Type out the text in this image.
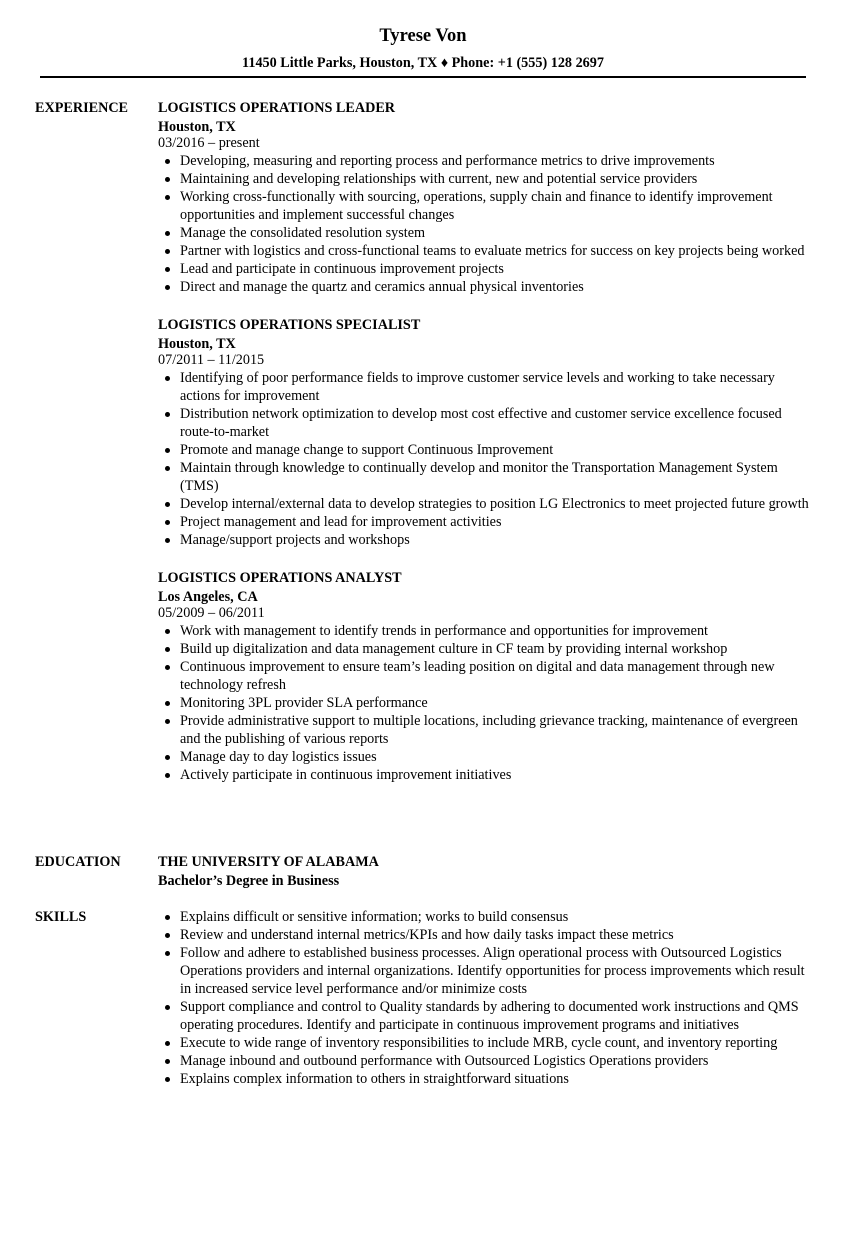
Tyrese Von
11450 Little Parks, Houston, TX ♦ Phone: +1 (555) 128 2697
EXPERIENCE	LOGISTICS OPERATIONS LEADER
Houston, TX
03/2016 – present
Developing, measuring and reporting process and performance metrics to drive improvements
Maintaining and developing relationships with current, new and potential service providers
Working cross-functionally with sourcing, operations, supply chain and finance to identify improvement opportunities and implement successful changes
Manage the consolidated resolution system
Partner with logistics and cross-functional teams to evaluate metrics for success on key projects being worked
Lead and participate in continuous improvement projects
Direct and manage the quartz and ceramics annual physical inventories
LOGISTICS OPERATIONS SPECIALIST
Houston, TX
07/2011 – 11/2015
Identifying of poor performance fields to improve customer service levels and working to take necessary actions for improvement
Distribution network optimization to develop most cost effective and customer service excellence focused route-to-market
Promote and manage change to support Continuous Improvement
Maintain through knowledge to continually develop and monitor the Transportation Management System (TMS)
Develop internal/external data to develop strategies to position LG Electronics to meet projected future growth
Project management and lead for improvement activities
Manage/support projects and workshops
LOGISTICS OPERATIONS ANALYST
Los Angeles, CA
05/2009 – 06/2011
Work with management to identify trends in performance and opportunities for improvement
Build up digitalization and data management culture in CF team by providing internal workshop
Continuous improvement to ensure team’s leading position on digital and data management through new technology refresh
Monitoring 3PL provider SLA performance
Provide administrative support to multiple locations, including grievance tracking, maintenance of evergreen and the publishing of various reports
Manage day to day logistics issues
Actively participate in continuous improvement initiatives
EDUCATION	THE UNIVERSITY OF ALABAMA
Bachelor’s Degree in Business
SKILLS	Explains difficult or sensitive information; works to build consensus
Review and understand internal metrics/KPIs and how daily tasks impact these metrics
Follow and adhere to established business processes. Align operational process with Outsourced Logistics Operations providers and internal organizations. Identify opportunities for process improvements which result in increased service level performance and/or minimize costs
Support compliance and control to Quality standards by adhering to documented work instructions and QMS operating procedures. Identify and participate in continuous improvement programs and initiatives
Execute to wide range of inventory responsibilities to include MRB, cycle count, and inventory reporting
Manage inbound and outbound performance with Outsourced Logistics Operations providers
Explains complex information to others in straightforward situations
